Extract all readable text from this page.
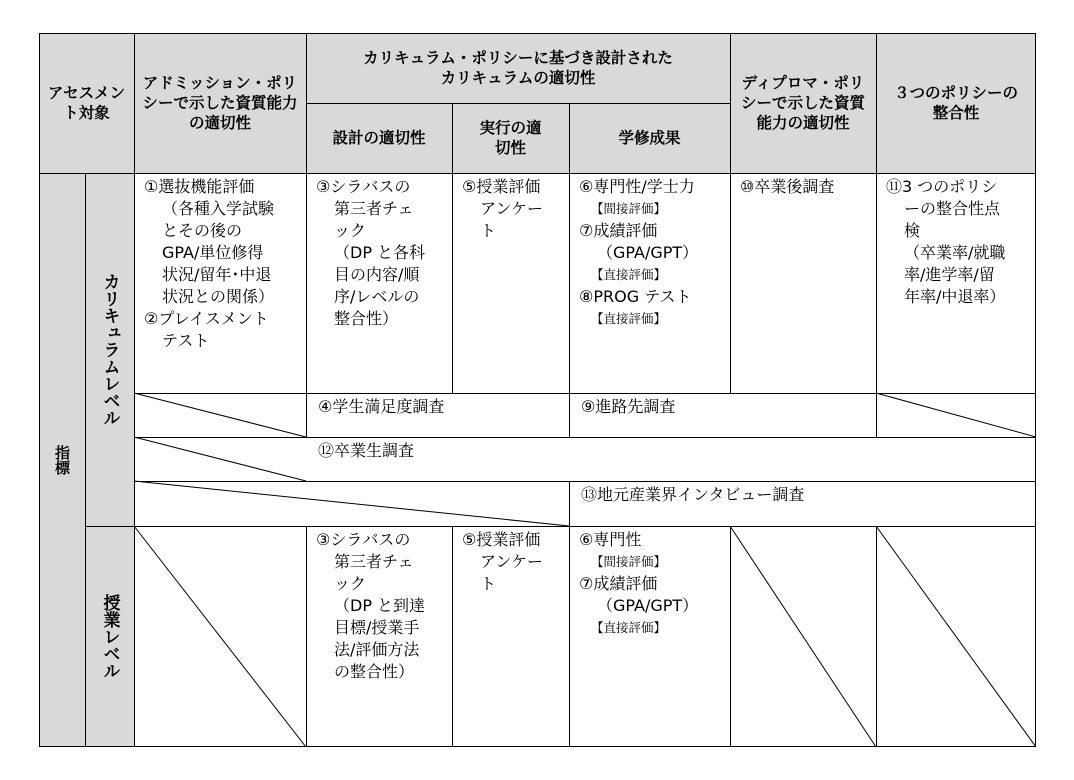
アセスメント対象
アドミッション・ポリシーで示した資質能力の適切性
カリキュラム・ポリシーに基づき設計されたカリキュラムの適切性
設計の適切性
実行の適切性
学修成果
ディプロマ・ポリシーで示した資質能力の適切性
３つのポリシーの整合性
指標
カリキュラムレベル
授業レベル
①選抜機能評価
（各種入学試験
とその後の
GPA/単位修得
状況/留年･中退
状況との関係）
②プレイスメント
テスト
③シラバスの
第三者チェ
ック
（DP と各科
目の内容/順
序/レベルの
整合性）
⑤授業評価
アンケー
ト
⑥専門性/学士力
【間接評価】
⑦成績評価
（GPA/GPT）
【直接評価】
⑧PROG テスト
【直接評価】
⑩卒業後調査	⑪3 つのポリシ
ーの整合性点
検
（卒業率/就職
率/進学率/留
年率/中退率）
④学生満足度調査	⑨進路先調査
⑫卒業生調査
⑬地元産業界インタビュー調査
③シラバスの
第三者チェ
ック
（DP と到達
目標/授業手
法/評価方法
の整合性）
⑤授業評価
アンケー
ト
⑥専門性
【間接評価】
⑦成績評価
（GPA/GPT）
【直接評価】
